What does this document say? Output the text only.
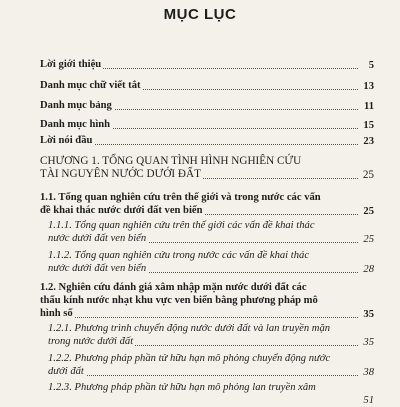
MỤC LỤC
Lời giới thiệu	5
Danh mục chữ viết tắt	13
Danh mục bảng	11
Danh mục hình	15
Lời nói đầu	23
CHƯƠNG 1. TỔNG QUAN TÌNH HÌNH NGHIÊN CỨU
TÀI NGUYÊN NƯỚC DƯỚI ĐẤT	25
1.1. Tổng quan nghiên cứu trên thế giới và trong nước các vấn
đề khai thác nước dưới đất ven biển	25
1.1.1. Tổng quan nghiên cứu trên thế giới các vấn đề khai thác
nước dưới đất ven biển	25
1.1.2. Tổng quan nghiên cứu trong nước các vấn đề khai thác
nước dưới đất ven biển	28
1.2. Nghiên cứu đánh giá xâm nhập mặn nước dưới đất các
thấu kính nước nhạt khu vực ven biển bằng phương pháp mô
hình số	35
1.2.1. Phương trình chuyển động nước dưới đất và lan truyền mặn
trong nước dưới đất	35
1.2.2. Phương pháp phần tử hữu hạn mô phỏng chuyển động nước
dưới đất	38
1.2.3. Phương pháp phần tử hữu hạn mô phỏng lan truyền xâm
51
